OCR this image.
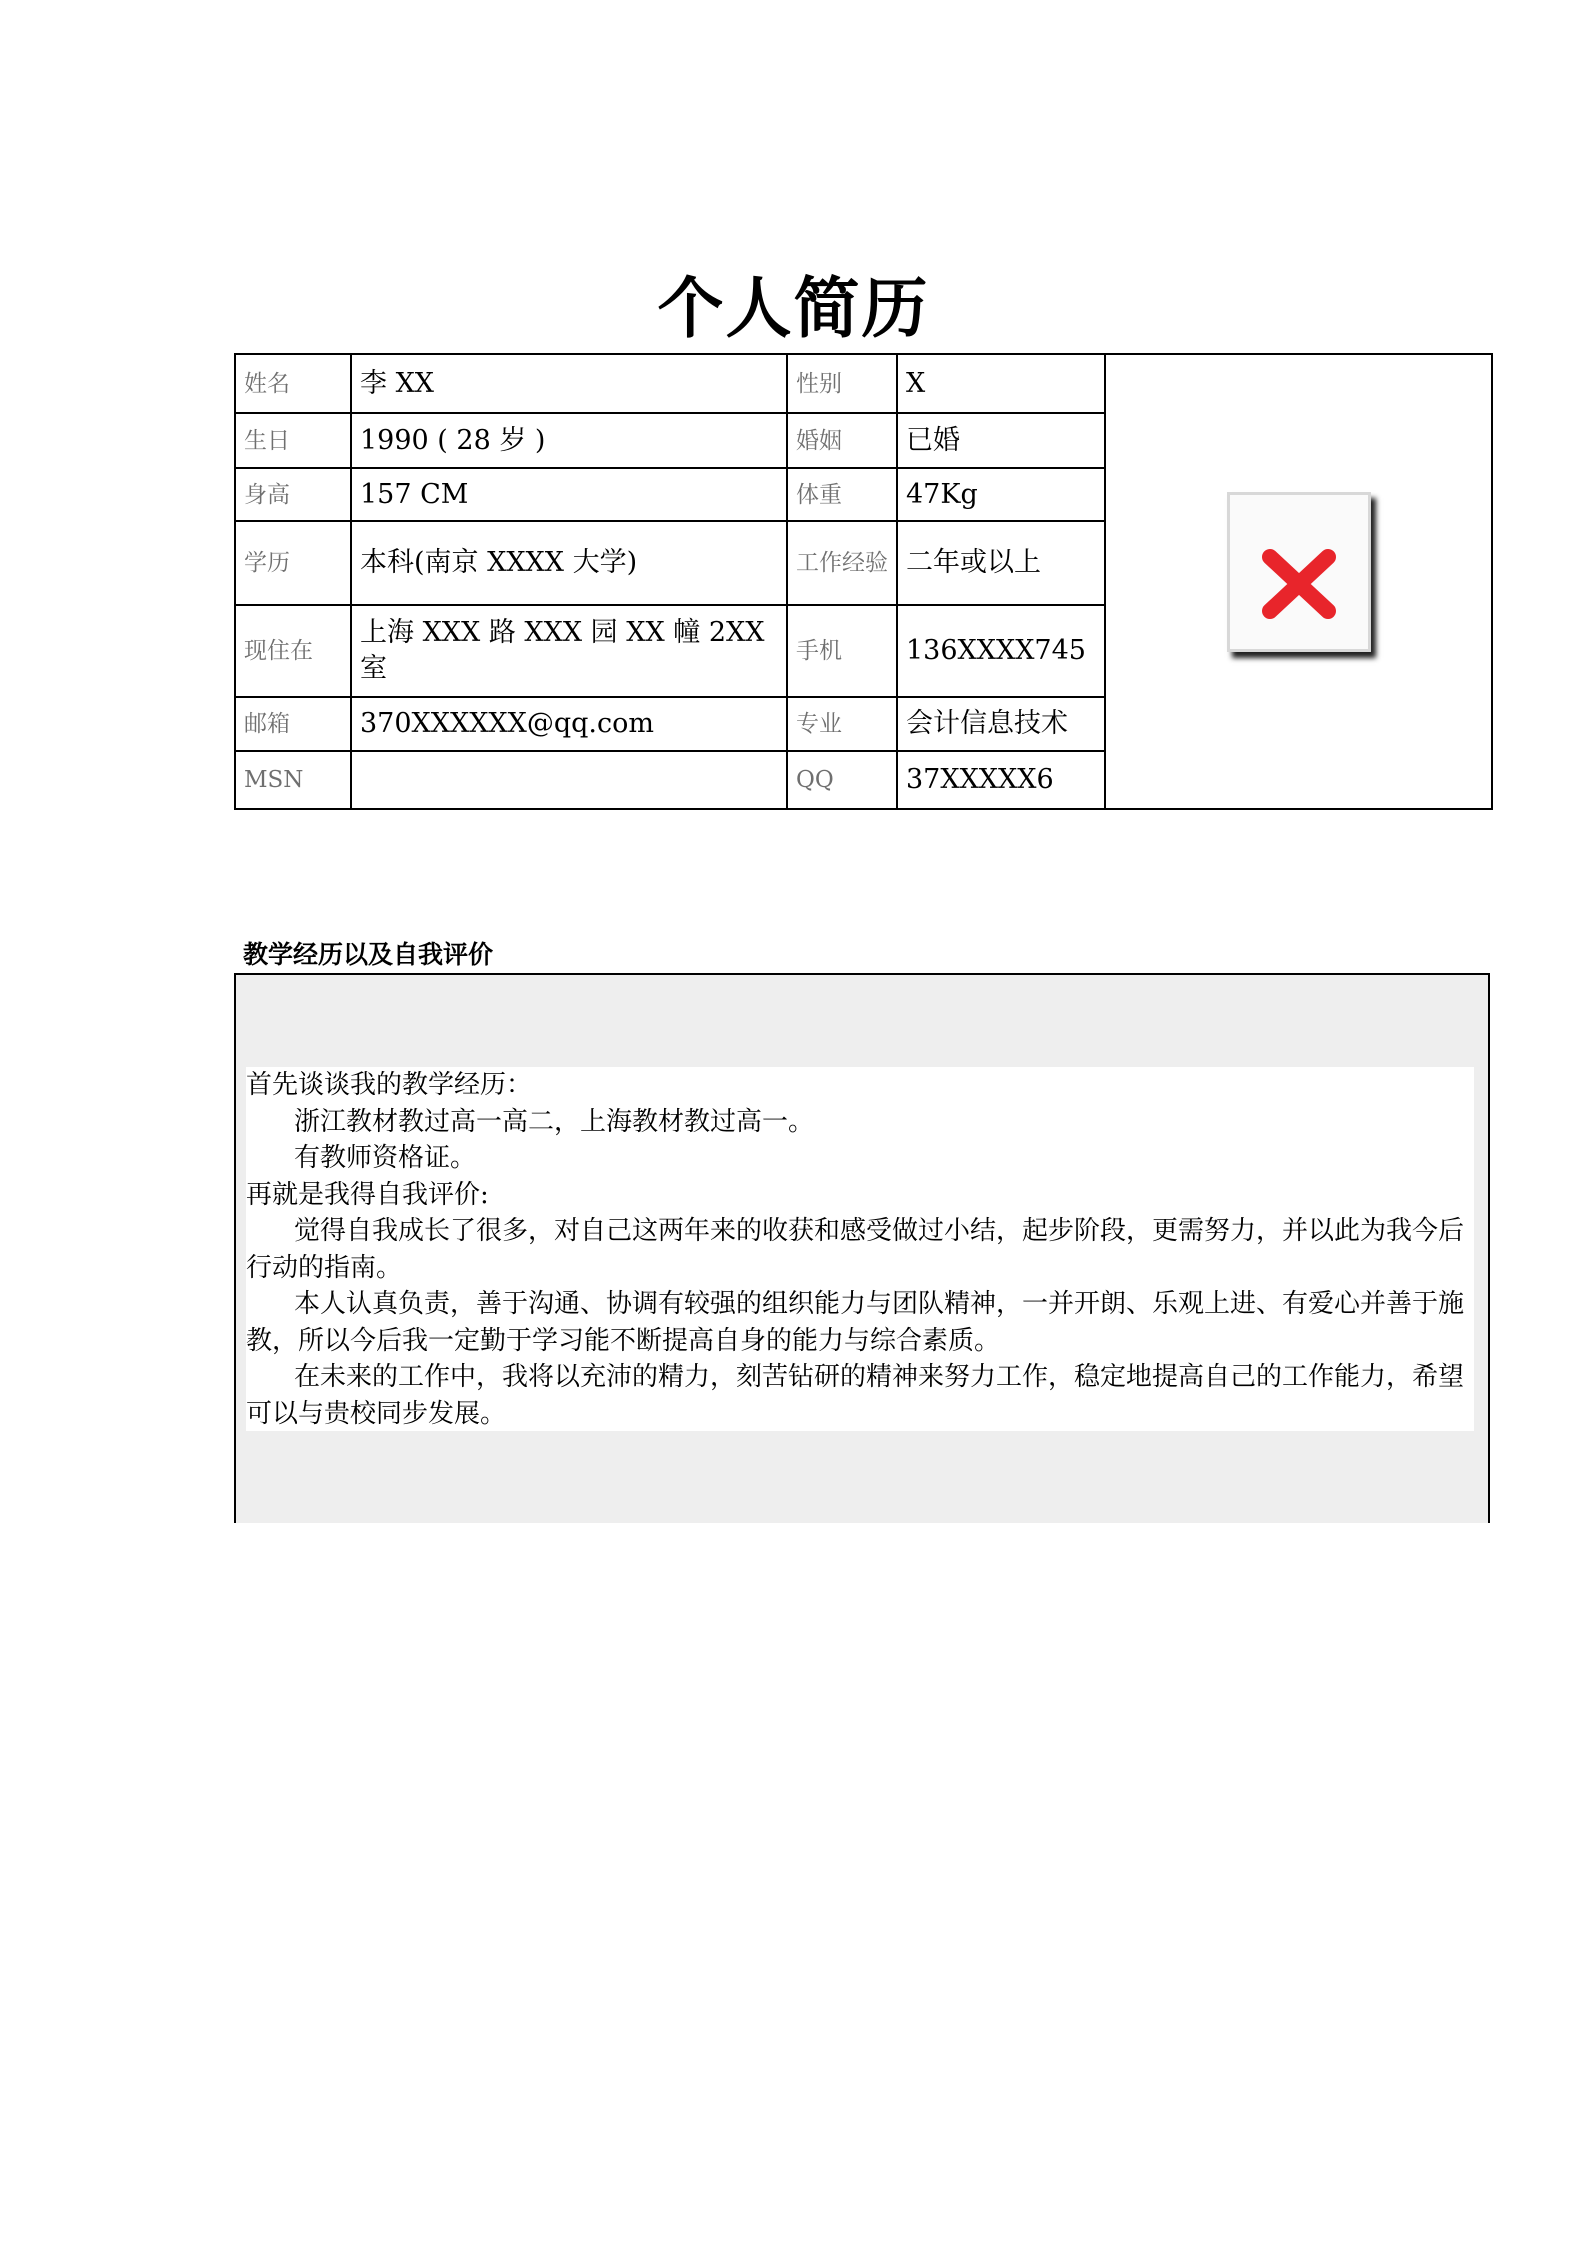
个人简历
姓名	李 XX	性别	X	

生日	1990 ( 28 岁 )	婚姻	已婚	
身高	157 CM	体重	47Kg	
学历	本科(南京 XXXX 大学)	工作经验	二年或以上	
现住在	上海 XXX 路 XXX 园 XX 幢 2XX 室	手机	136XXXX745	
邮箱	370XXXXXX@qq.com	专业	会计信息技术	
MSN		QQ	37XXXXX6	
教学经历以及自我评价

首先谈谈我的教学经历：

浙江教材教过高一高二，上海教材教过高一。

有教师资格证。

再就是我得自我评价:

觉得自我成长了很多，对自己这两年来的收获和感受做过小结，起步阶段，更需努力，并以此为我今后行动的指南。

本人认真负责，善于沟通、协调有较强的组织能力与团队精神，一并开朗、乐观上进、有爱心并善于施教，所以今后我一定勤于学习能不断提高自身的能力与综合素质。

在未来的工作中，我将以充沛的精力，刻苦钻研的精神来努力工作，稳定地提高自己的工作能力，希望可以与贵校同步发展。
